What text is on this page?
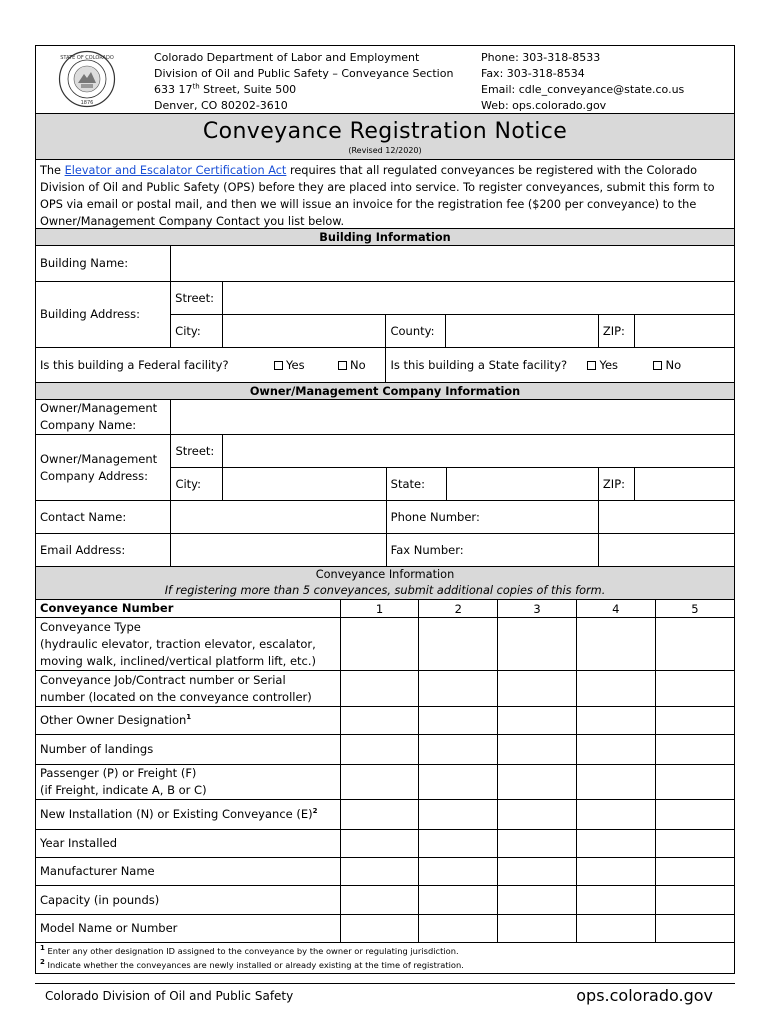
STATE OF COLORADO
1876
Colorado Department of Labor and Employment
Division of Oil and Public Safety – Conveyance Section
633 17th Street, Suite 500
Denver, CO 80202-3610
Phone: 303-318-8533
Fax: 303-318-8534
Email: cdle_conveyance@state.co.us
Web: ops.colorado.gov
Conveyance Registration Notice
(Revised 12/2020)
The Elevator and Escalator Certification Act requires that all regulated conveyances be registered with the Colorado Division of Oil and Public Safety (OPS) before they are placed into service. To register conveyances, submit this form to OPS via email or postal mail, and then we will issue an invoice for the registration fee ($200 per conveyance) to the Owner/Management Company Contact you list below.
Building Information
Building Name:						
Building Address:	Street:					
	City:		County:		ZIP:	
Is this building a Federal facility? Yes No			Is this building a State facility? Yes No			
Owner/Management Company Information
Owner/Management
Company Name:						

Owner/Management
Company Address:	Street:					
	City:		State:		ZIP:	
Contact Name:			Phone Number:			
Email Address:			Fax Number:			
Conveyance Information
If registering more than 5 conveyances, submit additional copies of this form.
Conveyance Number	1	2	3	4	5

Conveyance Type
(hydraulic elevator, traction elevator, escalator,
moving walk, inclined/vertical platform lift, etc.)					

Conveyance Job/Contract number or Serial
number (located on the conveyance controller)					

Other Owner Designation$^1$

Number of landings					

Passenger (P) or Freight (F)
(if Freight, indicate A, B or C)					

New Installation (N) or Existing Conveyance $(E)^2$

Year Installed					

Manufacturer Name					

Capacity (in pounds)					

Model Name or Number					

$^1$ Enter any other designation ID assigned to the conveyance by the owner or regulating jurisdiction.
$^2$ Indicate whether the conveyances are newly installed or already existing at the time of registration.
Colorado Division of Oil and Public Safety	ops.colorado.gov
